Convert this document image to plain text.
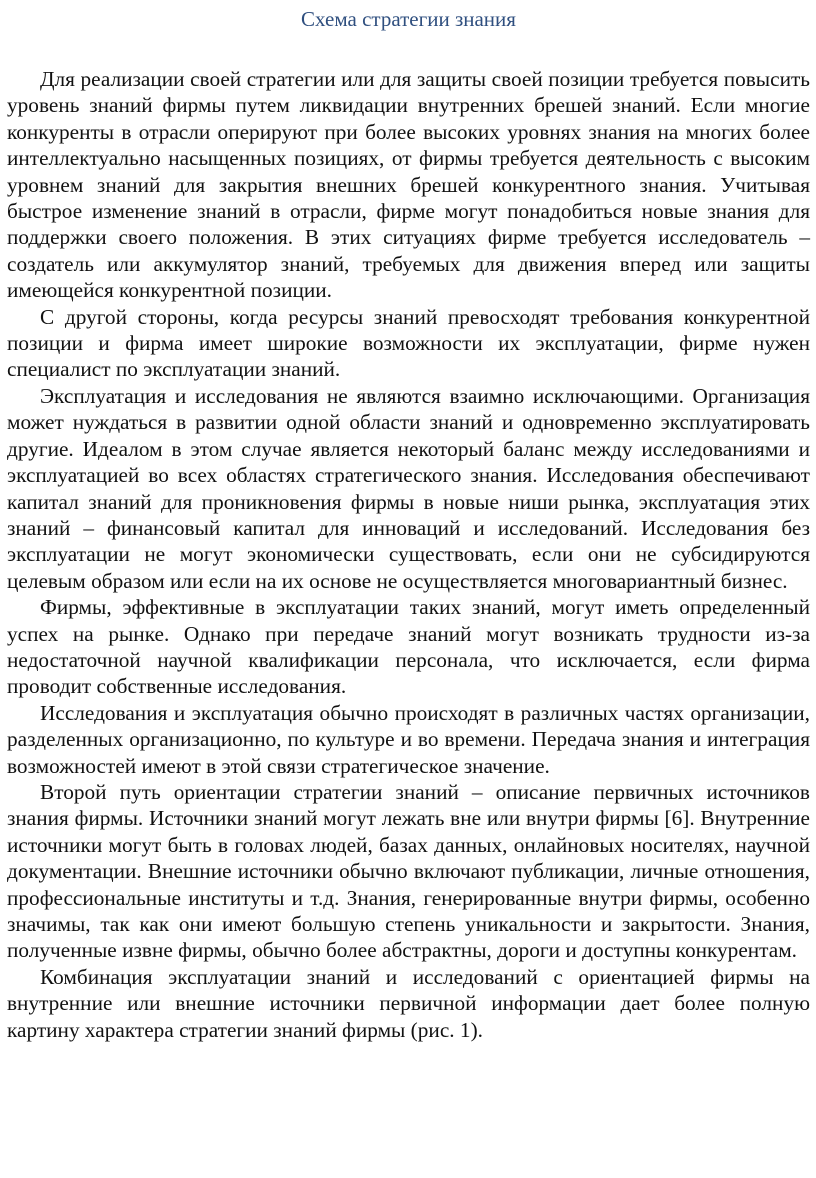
Схема стратегии знания

Для реализации своей стратегии или для защиты своей позиции требуется повысить уровень знаний фирмы путем ликвидации внутренних брешей знаний. Если многие конкуренты в отрасли оперируют при более высоких уровнях знания на многих более интеллектуально насыщенных позициях, от фирмы требуется деятельность с высоким уровнем знаний для закрытия внешних брешей конкурентного знания. Учитывая быстрое изменение знаний в отрасли, фирме могут понадобиться новые знания для поддержки своего положения. В этих ситуациях фирме требуется исследователь – создатель или аккумулятор знаний, требуемых для движения вперед или защиты имеющейся конкурентной позиции.

С другой стороны, когда ресурсы знаний превосходят требования конкурентной позиции и фирма имеет широкие возможности их эксплуатации, фирме нужен специалист по эксплуатации знаний.

Эксплуатация и исследования не являются взаимно исключающими. Организация может нуждаться в развитии одной области знаний и одновременно эксплуатировать другие. Идеалом в этом случае является некоторый баланс между исследованиями и эксплуатацией во всех областях стратегического знания. Исследования обеспечивают капитал знаний для проникновения фирмы в новые ниши рынка, эксплуатация этих знаний – финансовый капитал для инноваций и исследований. Исследования без эксплуатации не могут экономически существовать, если они не субсидируются целевым образом или если на их основе не осуществляется многовариантный бизнес.

Фирмы, эффективные в эксплуатации таких знаний, могут иметь определенный успех на рынке. Однако при передаче знаний могут возникать трудности из-за недостаточной научной квалификации персонала, что исключается, если фирма проводит собственные исследования.

Исследования и эксплуатация обычно происходят в различных частях организации, разделенных организационно, по культуре и во времени. Передача знания и интеграция возможностей имеют в этой связи стратегическое значение.

Второй путь ориентации стратегии знаний – описание первичных источников знания фирмы. Источники знаний могут лежать вне или внутри фирмы [6]. Внутренние источники могут быть в головах людей, базах данных, онлайновых носителях, научной документации. Внешние источники обычно включают публикации, личные отношения, профессиональные институты и т.д. Знания, генерированные внутри фирмы, особенно значимы, так как они имеют большую степень уникальности и закрытости. Знания, полученные извне фирмы, обычно более абстрактны, дороги и доступны конкурентам.

Комбинация эксплуатации знаний и исследований с ориентацией фирмы на внутренние или внешние источники первичной информации дает более полную картину характера стратегии знаний фирмы (рис. 1).
